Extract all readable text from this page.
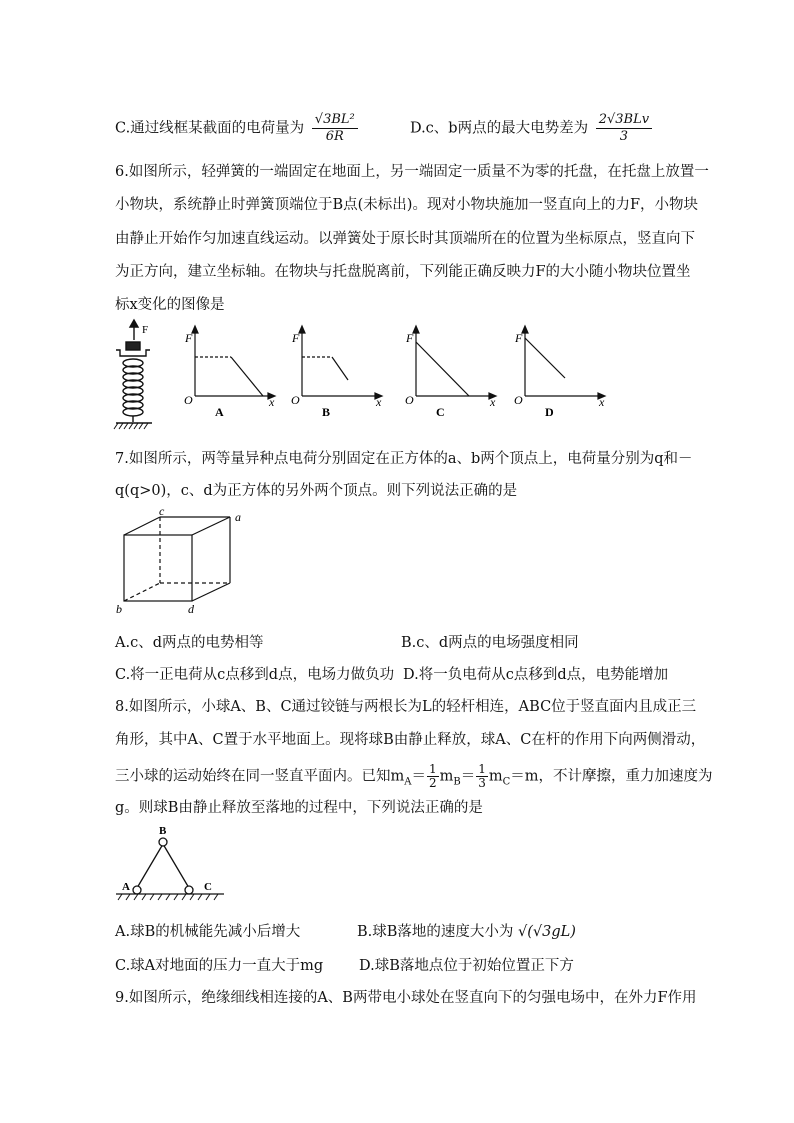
C.通过线框某截面的电荷量为 $\frac{\text{√3BL²}}{6R}$	D.c、b两点的最大电势差为 $\frac{\text{2√3BLv}}{3}$
6.如图所示，轻弹簧的一端固定在地面上，另一端固定一质量不为零的托盘，在托盘上放置一
小物块，系统静止时弹簧顶端位于B点(未标出)。现对小物块施加一竖直向上的力F，小物块
由静止开始作匀加速直线运动。以弹簧处于原长时其顶端所在的位置为坐标原点，竖直向下
为正方向，建立坐标轴。在物块与托盘脱离前，下列能正确反映力F的大小随小物块位置坐
标x变化的图像是
F
F
x
O
A
F
x
O
B
F
x
O
C
F
x
O
D
7.如图所示，两等量异种点电荷分别固定在正方体的a、b两个顶点上，电荷量分别为q和－
q(q>0)，c、d为正方体的另外两个顶点。则下列说法正确的是
c	a
b	d
A.c、d两点的电势相等	B.c、d两点的电场强度相同
C.将一正电荷从c点移到d点，电场力做负功 D.将一负电荷从c点移到d点，电势能增加
8.如图所示，小球A、B、C通过铰链与两根长为L的轻杆相连，ABC位于竖直面内且成正三
角形，其中A、C置于水平地面上。现将球B由静止释放，球A、C在杆的作用下向两侧滑动，
三小球的运动始终在同一竖直平面内。已知$m_A= \frac{1}{2} m_B= \frac{1}{3} m_C=m$，不计摩擦，重力加速度为
g。则球B由静止释放至落地的过程中，下列说法正确的是
B
A	C
A.球B的机械能先减小后增大	B.球B落地的速度大小为 √(√3gL)
C.球A对地面的压力一直大于mg D.球B落地点位于初始位置正下方
9.如图所示，绝缘细线相连接的A、B两带电小球处在竖直向下的匀强电场中，在外力F作用
